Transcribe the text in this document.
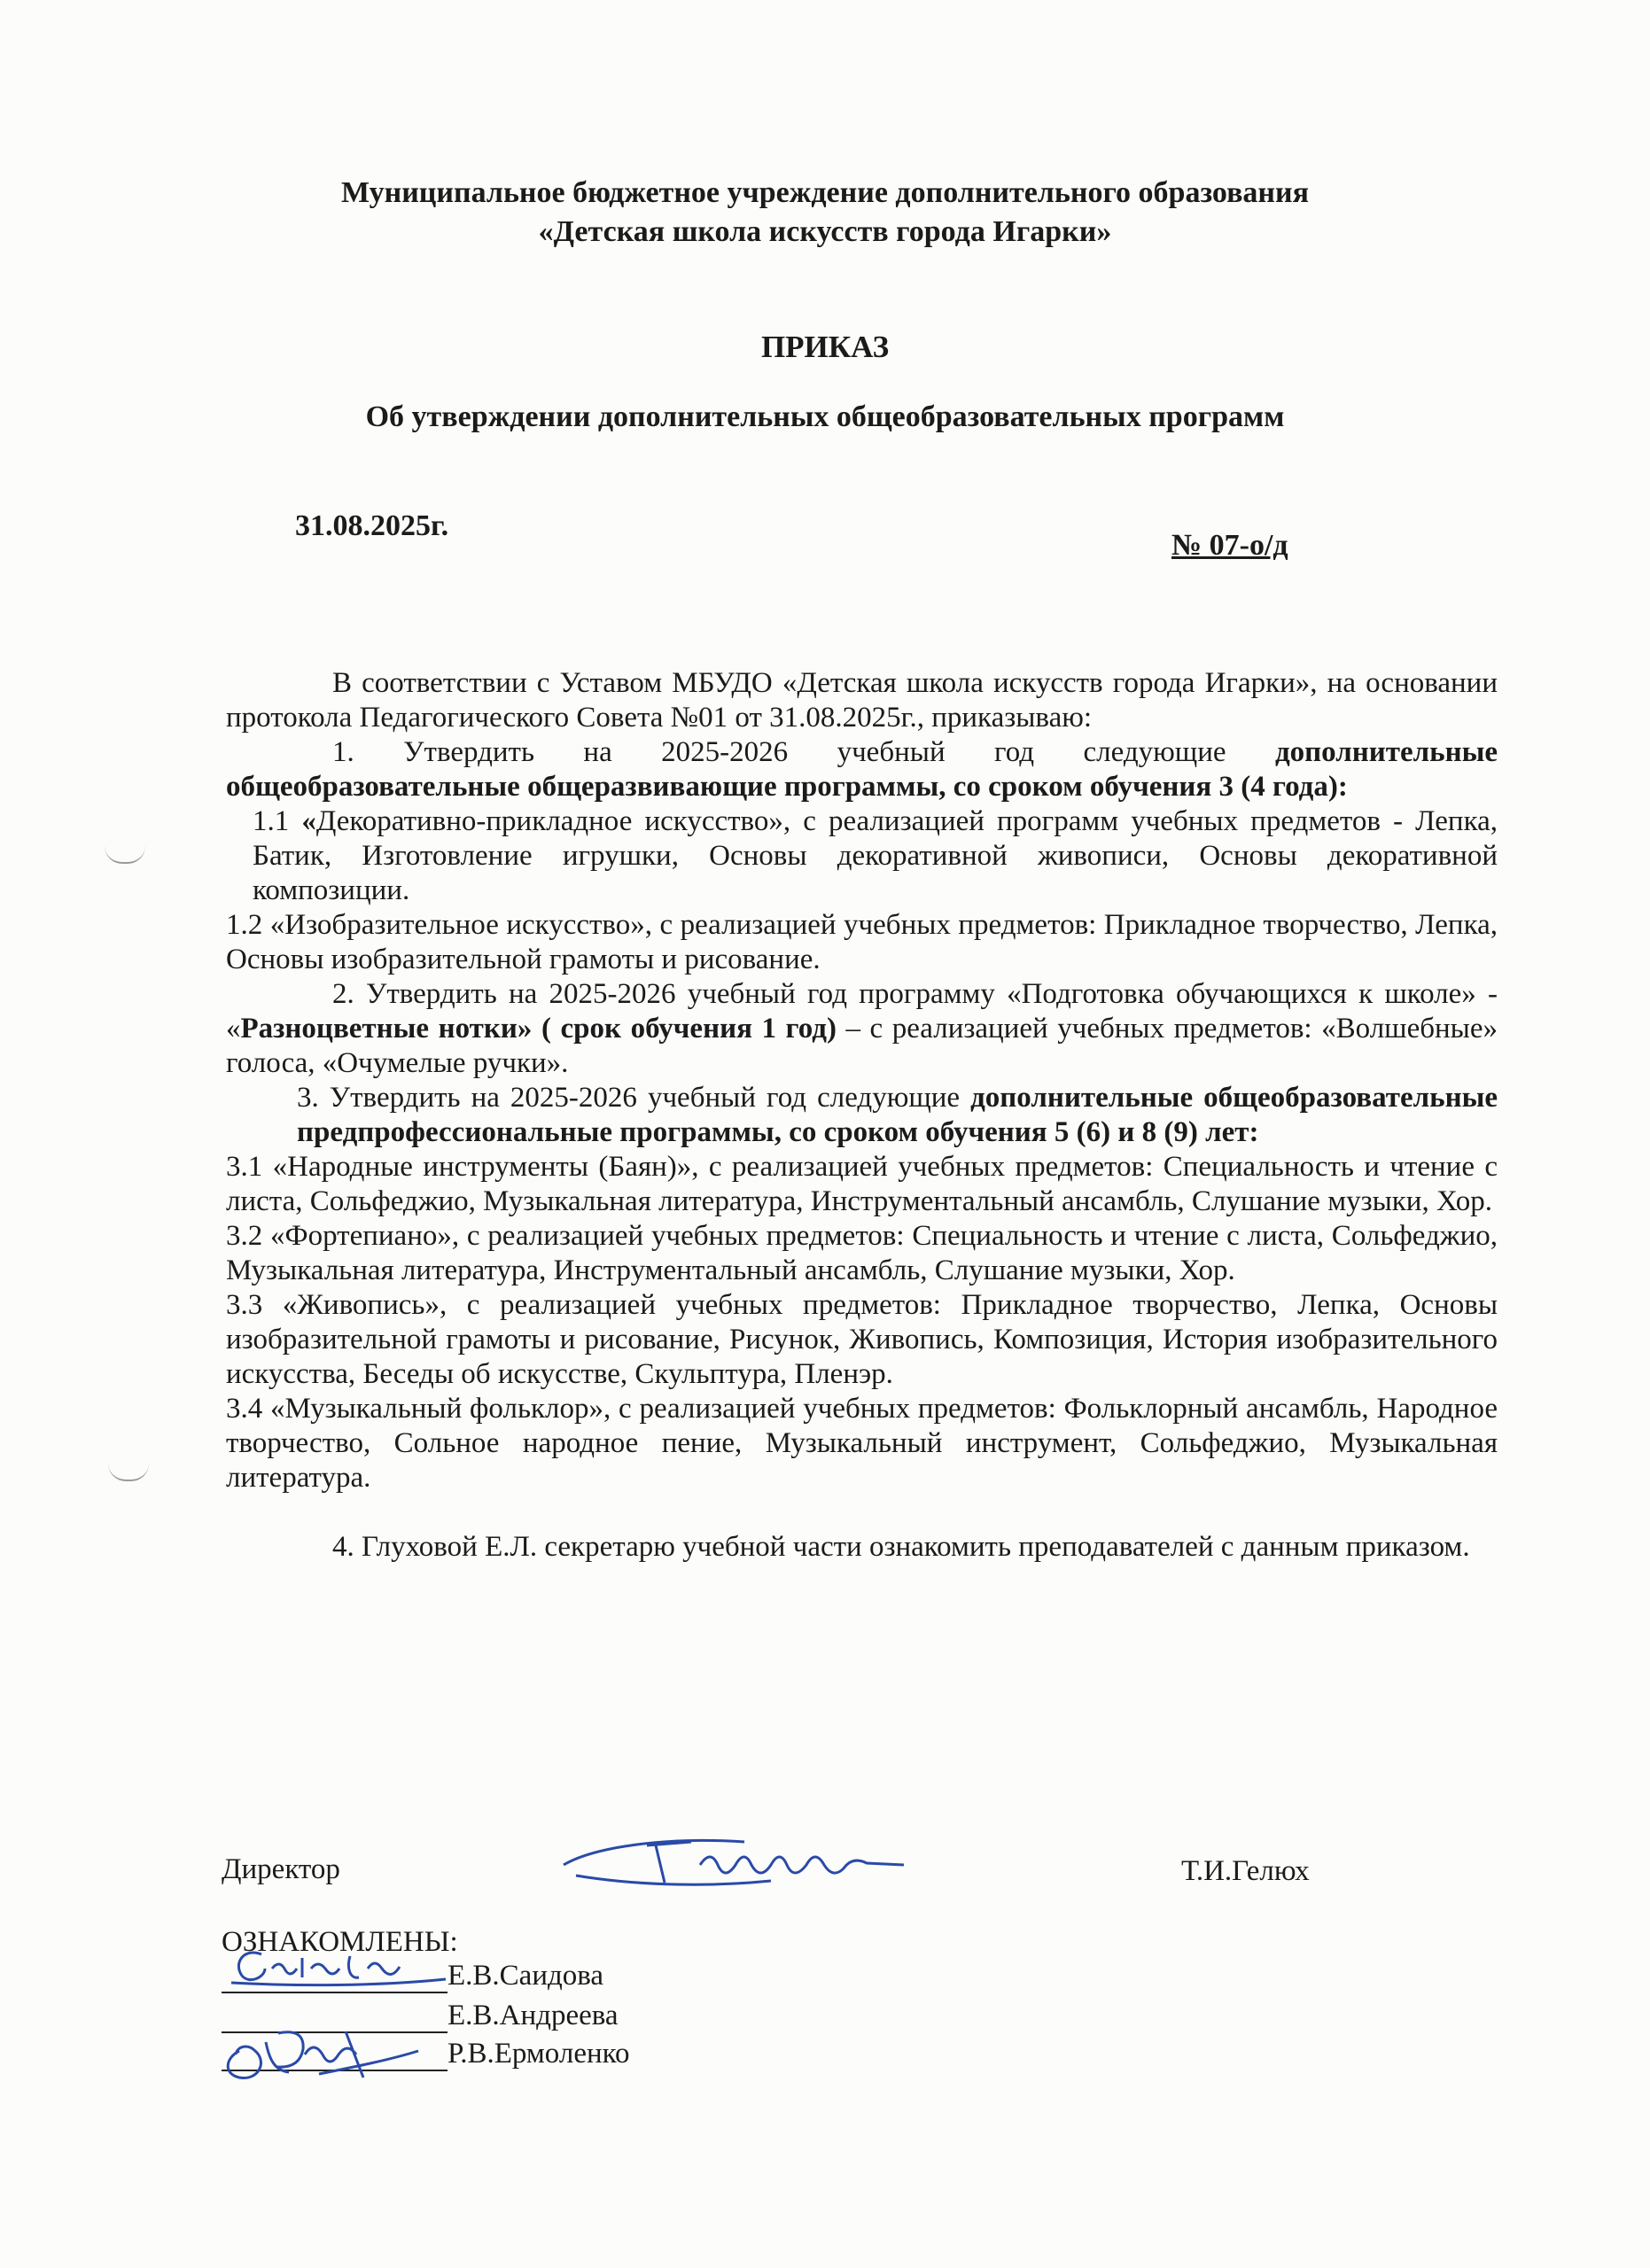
Муниципальное бюджетное учреждение дополнительного образования
«Детская школа искусств города Игарки»
ПРИКАЗ
Об утверждении дополнительных общеобразовательных программ
31.08.2025г.
№ 07-о/д

В соответствии с Уставом МБУДО «Детская школа искусств города Игарки», на основании протокола Педагогического Совета №01 от 31.08.2025г., приказываю:

1. Утвердить на 2025-2026 учебный год следующие дополнительные общеобразовательные общеразвивающие программы, со сроком обучения 3 (4 года):

1.1 «Декоративно-прикладное искусство», с реализацией программ учебных предметов - Лепка, Батик, Изготовление игрушки, Основы декоративной живописи, Основы декоративной композиции.

1.2 «Изобразительное искусство», с реализацией учебных предметов: Прикладное творчество, Лепка, Основы изобразительной грамоты и рисование.

2. Утвердить на 2025-2026 учебный год программу «Подготовка обучающихся к школе» - «Разноцветные нотки» ( срок обучения 1 год) – с реализацией учебных предметов: «Волшебные» голоса, «Очумелые ручки».

3. Утвердить на 2025-2026 учебный год следующие дополнительные общеобразовательные предпрофессиональные программы, со сроком обучения 5 (6) и 8 (9) лет:

3.1 «Народные инструменты (Баян)», с реализацией учебных предметов: Специальность и чтение с листа, Сольфеджио, Музыкальная литература, Инструментальный ансамбль, Слушание музыки, Хор.

3.2 «Фортепиано», с реализацией учебных предметов: Специальность и чтение с листа, Сольфеджио, Музыкальная литература, Инструментальный ансамбль, Слушание музыки, Хор.

3.3 «Живопись», с реализацией учебных предметов: Прикладное творчество, Лепка, Основы изобразительной грамоты и рисование, Рисунок, Живопись, Композиция, История изобразительного искусства, Беседы об искусстве, Скульптура, Пленэр.

3.4 «Музыкальный фольклор», с реализацией учебных предметов: Фольклорный ансамбль, Народное творчество, Сольное народное пение, Музыкальный инструмент, Сольфеджио, Музыкальная литература.

4. Глуховой Е.Л. секретарю учебной части ознакомить преподавателей с данным приказом.

Директор	Т.И.Гелюх
ОЗНАКОМЛЕНЫ:
Е.В.Саидова
Е.В.Андреева
Р.В.Ермоленко
